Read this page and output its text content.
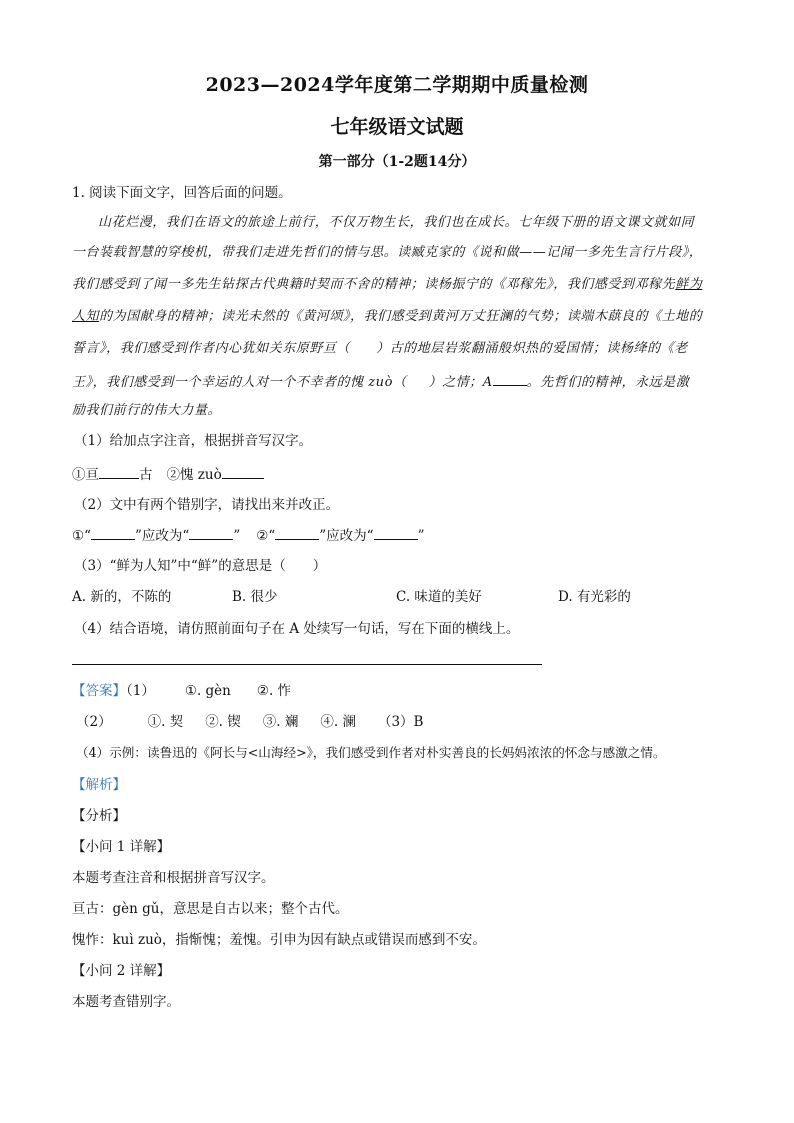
2023—2024学年度第二学期期中质量检测
七年级语文试题
第一部分（1-2题14分）
1. 阅读下面文字，回答后面的问题。
山花烂漫，我们在语文的旅途上前行，不仅万物生长，我们也在成长。七年级下册的语文课文就如同
一台装载智慧的穿梭机，带我们走进先哲们的情与思。读臧克家的《说和做——记闻一多先生言行片段》，
我们感受到了闻一多先生钻探古代典籍时契而不舍的精神；读杨振宁的《邓稼先》，我们感受到邓稼先鲜为
人知的为国献身的精神；读光未然的《黄河颂》，我们感受到黄河万丈狂澜的气势；读端木蕻良的《土地的
誓言》，我们感受到作者内心犹如关东原野亘（ ）古的地层岩浆翻涌般炽热的爱国情；读杨绛的《老
王》，我们感受到一个幸运的人对一个不幸者的愧 zuò（ ）之情；A	。先哲们的精神，永远是激
励我们前行的伟大力量。
（1）给加点字注音，根据拼音写汉字。
①亘	古 ②愧 zuò
（2）文中有两个错别字，请找出来并改正。
①“	”应改为“	” ②“	”应改为“	”
（3）“鲜为人知”中“鲜”的意思是（　　）
A. 新的，不陈的	B. 很少	C. 味道的美好	D. 有光彩的
（4）结合语境，请仿照前面句子在 A 处续写一句话，写在下面的横线上。
【答案】（1） ①. gèn ②. 怍
（2）	①. 契 ②. 锲 ③. 斓 ④. 澜 （3）B
（4）示例：读鲁迅的《阿长与<山海经>》，我们感受到作者对朴实善良的长妈妈浓浓的怀念与感激之情。
【解析】
【分析】
【小问 1 详解】
本题考查注音和根据拼音写汉字。
亘古：gèn gǔ，意思是自古以来；整个古代。
愧怍：kuì zuò，指惭愧；羞愧。引申为因有缺点或错误而感到不安。
【小问 2 详解】
本题考查错别字。
